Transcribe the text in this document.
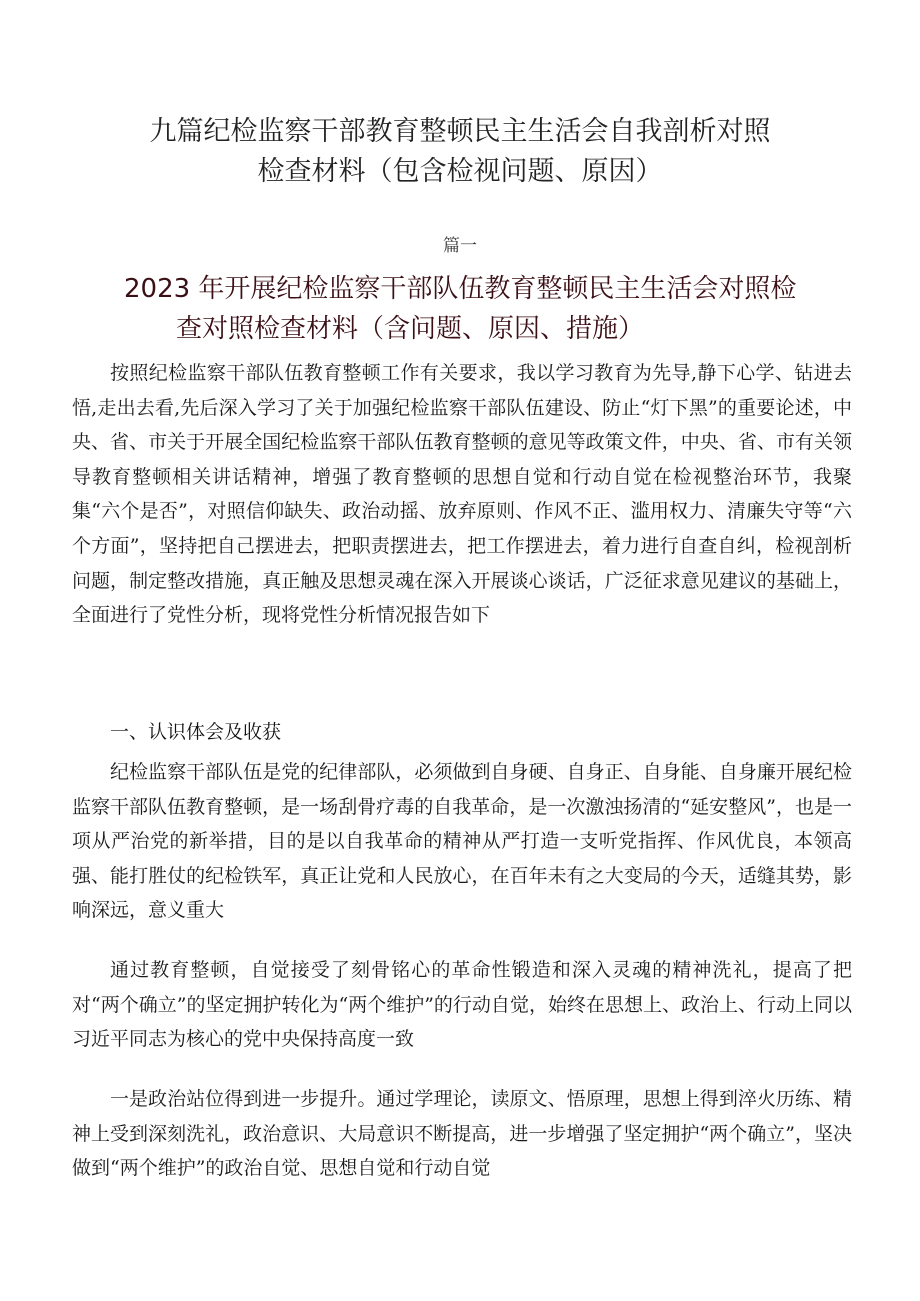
九篇纪检监察干部教育整顿民主生活会自我剖析对照
检查材料（包含检视问题、原因）
篇一
2023 年开展纪检监察干部队伍教育整顿民主生活会对照检
查对照检查材料（含问题、原因、措施）

按照纪检监察干部队伍教育整顿工作有关要求，我以学习教育为先导,静下心学、钻进去悟,走出去看,先后深入学习了关于加强纪检监察干部队伍建设、防止“灯下黑”的重要论述，中央、省、市关于开展全国纪检监察干部队伍教育整顿的意见等政策文件，中央、省、市有关领导教育整顿相关讲话精神，增强了教育整顿的思想自觉和行动自觉在检视整治环节，我聚集“六个是否”，对照信仰缺失、政治动摇、放弃原则、作风不正、滥用权力、清廉失守等“六个方面”，坚持把自己摆进去，把职责摆进去，把工作摆进去，着力进行自查自纠，检视剖析问题，制定整改措施，真正触及思想灵魂在深入开展谈心谈话，广泛征求意见建议的基础上，全面进行了党性分析，现将党性分析情况报告如下

一、认识体会及收获

纪检监察干部队伍是党的纪律部队，必须做到自身硬、自身正、自身能、自身廉开展纪检监察干部队伍教育整顿，是一场刮骨疗毒的自我革命，是一次激浊扬清的“延安整风”，也是一项从严治党的新举措，目的是以自我革命的精神从严打造一支听党指挥、作风优良，本领高强、能打胜仗的纪检铁军，真正让党和人民放心，在百年未有之大变局的今天，适缝其势，影响深远，意义重大

通过教育整顿，自觉接受了刻骨铭心的革命性锻造和深入灵魂的精神洗礼，提高了把对“两个确立”的坚定拥护转化为“两个维护”的行动自觉，始终在思想上、政治上、行动上同以习近平同志为核心的党中央保持高度一致

一是政治站位得到进一步提升。通过学理论，读原文、悟原理，思想上得到淬火历练、精神上受到深刻洗礼，政治意识、大局意识不断提高，进一步增强了坚定拥护“两个确立”，坚决做到“两个维护”的政治自觉、思想自觉和行动自觉
